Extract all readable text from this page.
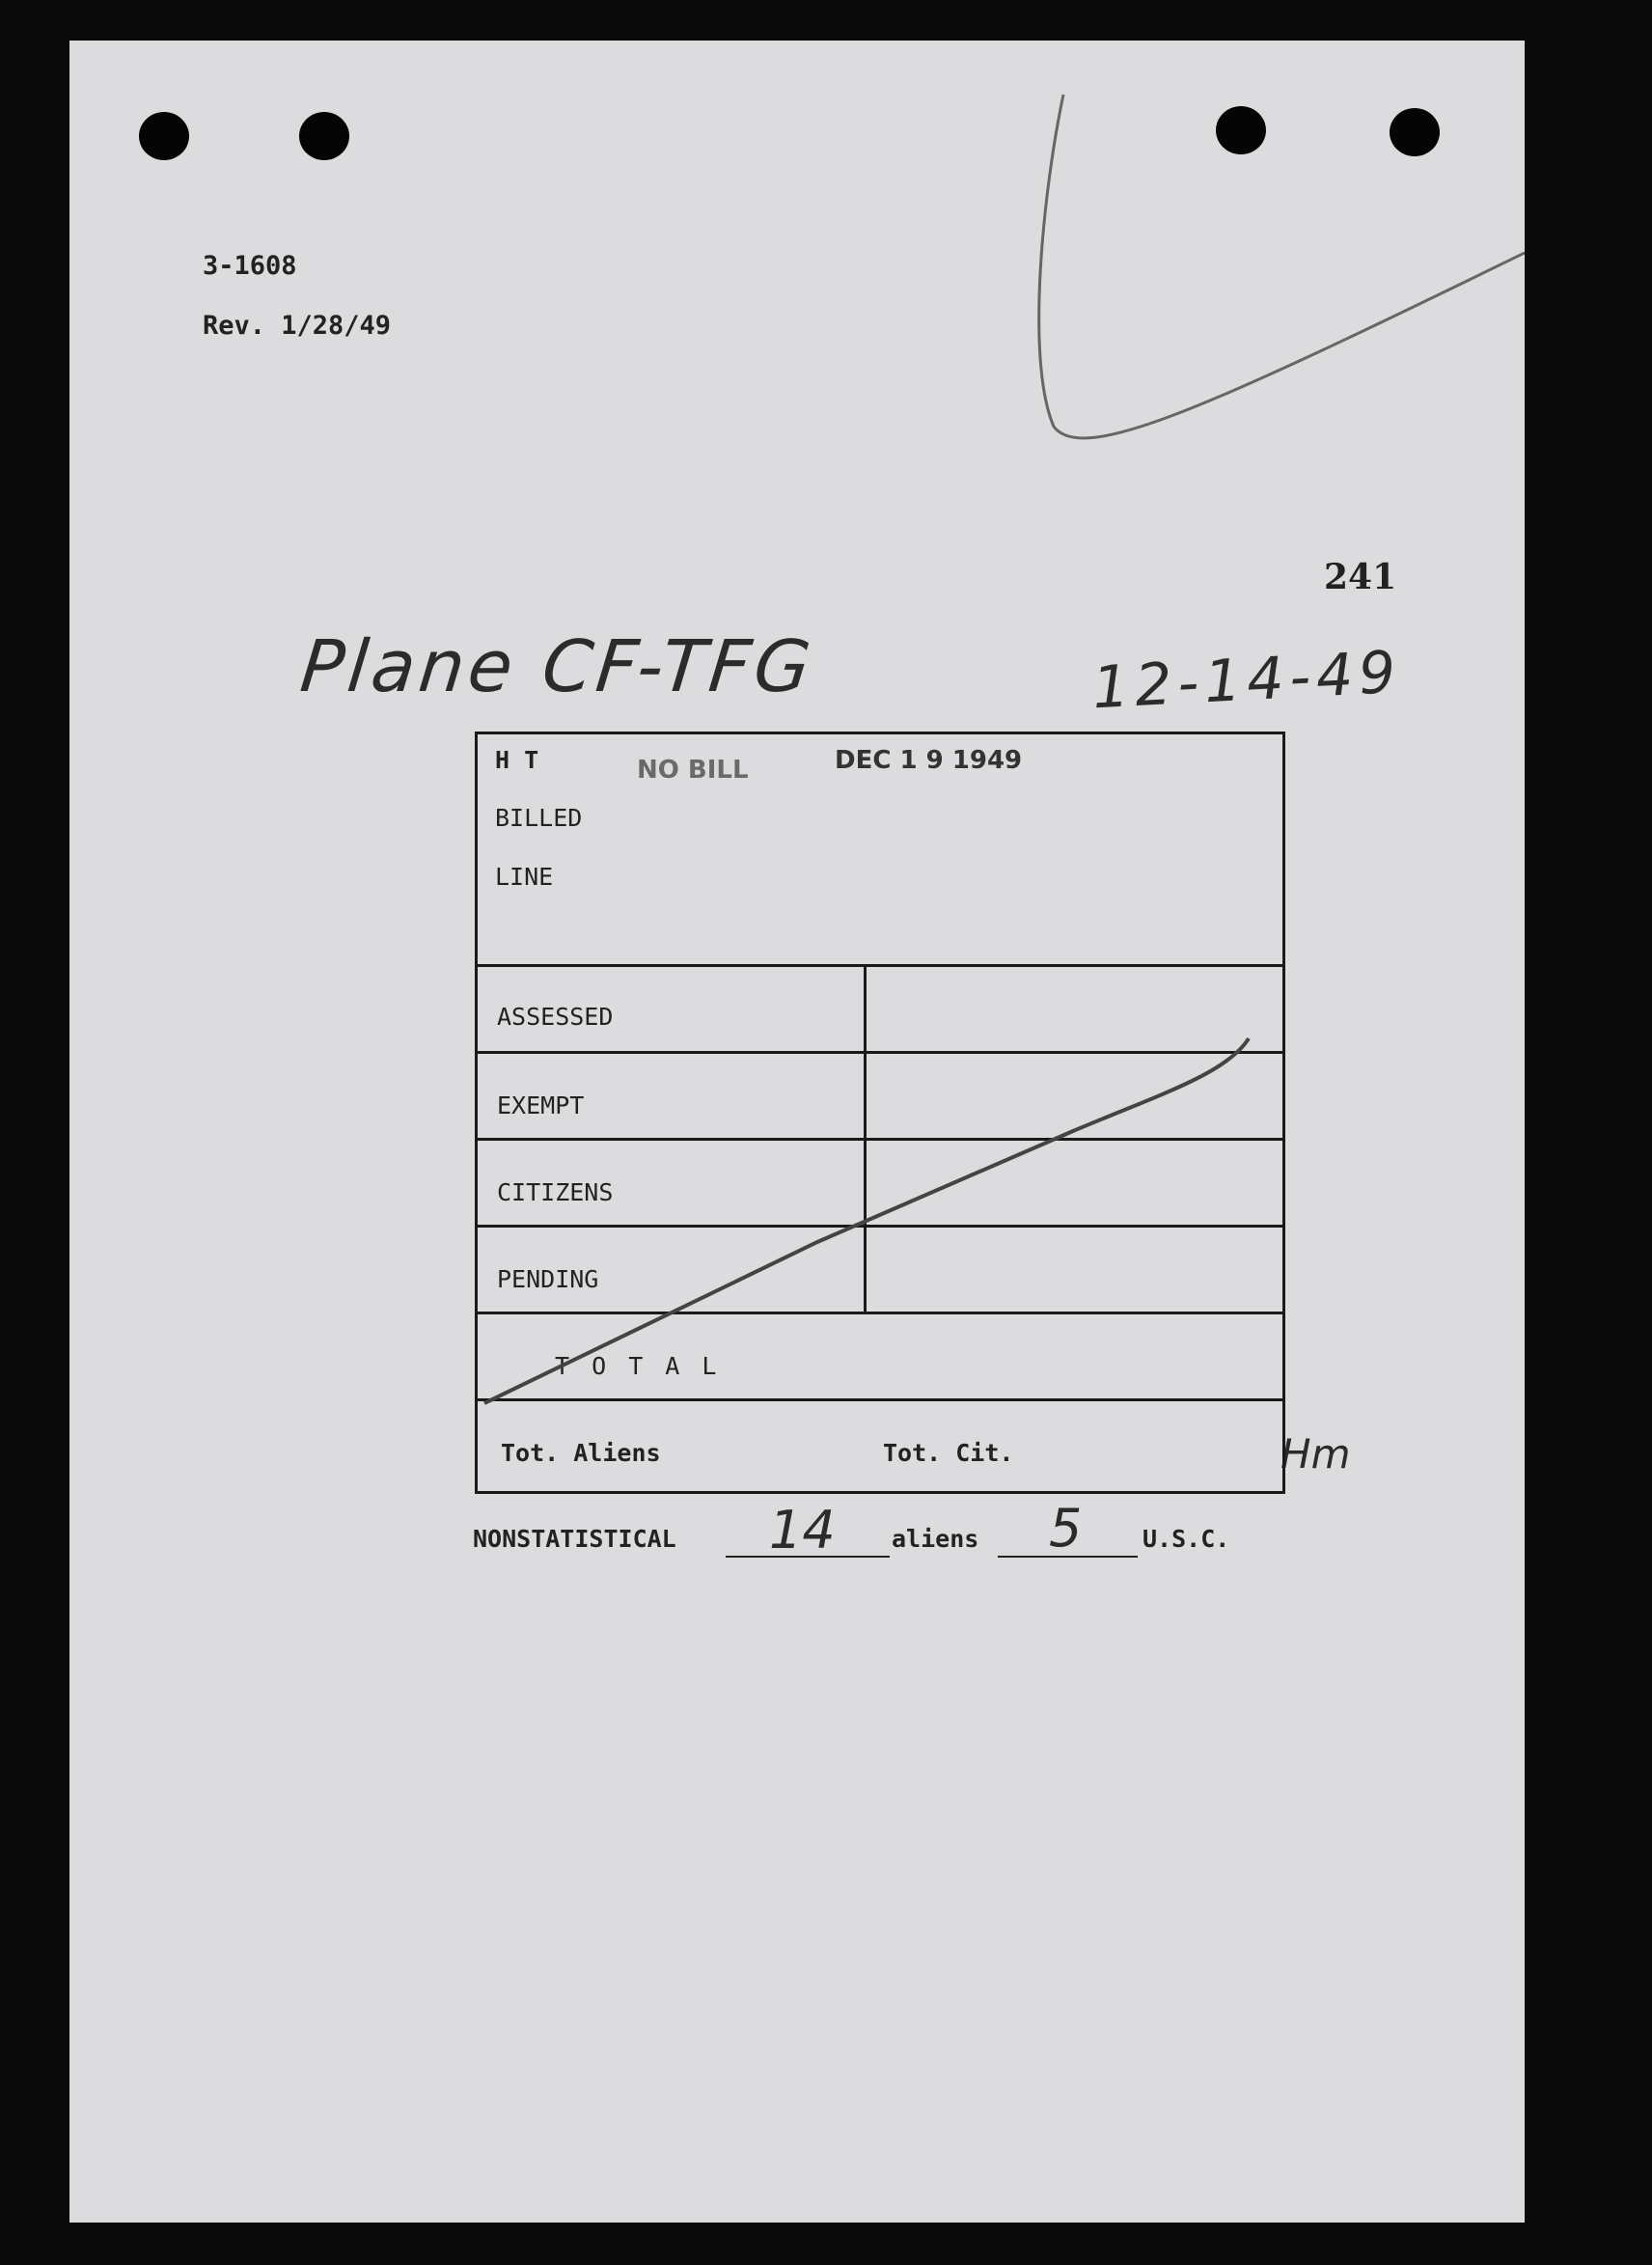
3-1608
Rev. 1/28/49
241
Plane CF-TFG	12-14-49
Hm
H T	NO BILL	DEC 1 9 1949
BILLED
LINE
ASSESSED
EXEMPT
CITIZENS
PENDING
T O T A L
Tot. Aliens	Tot. Cit.
NONSTATISTICAL 14 aliens 5	U.S.C.
